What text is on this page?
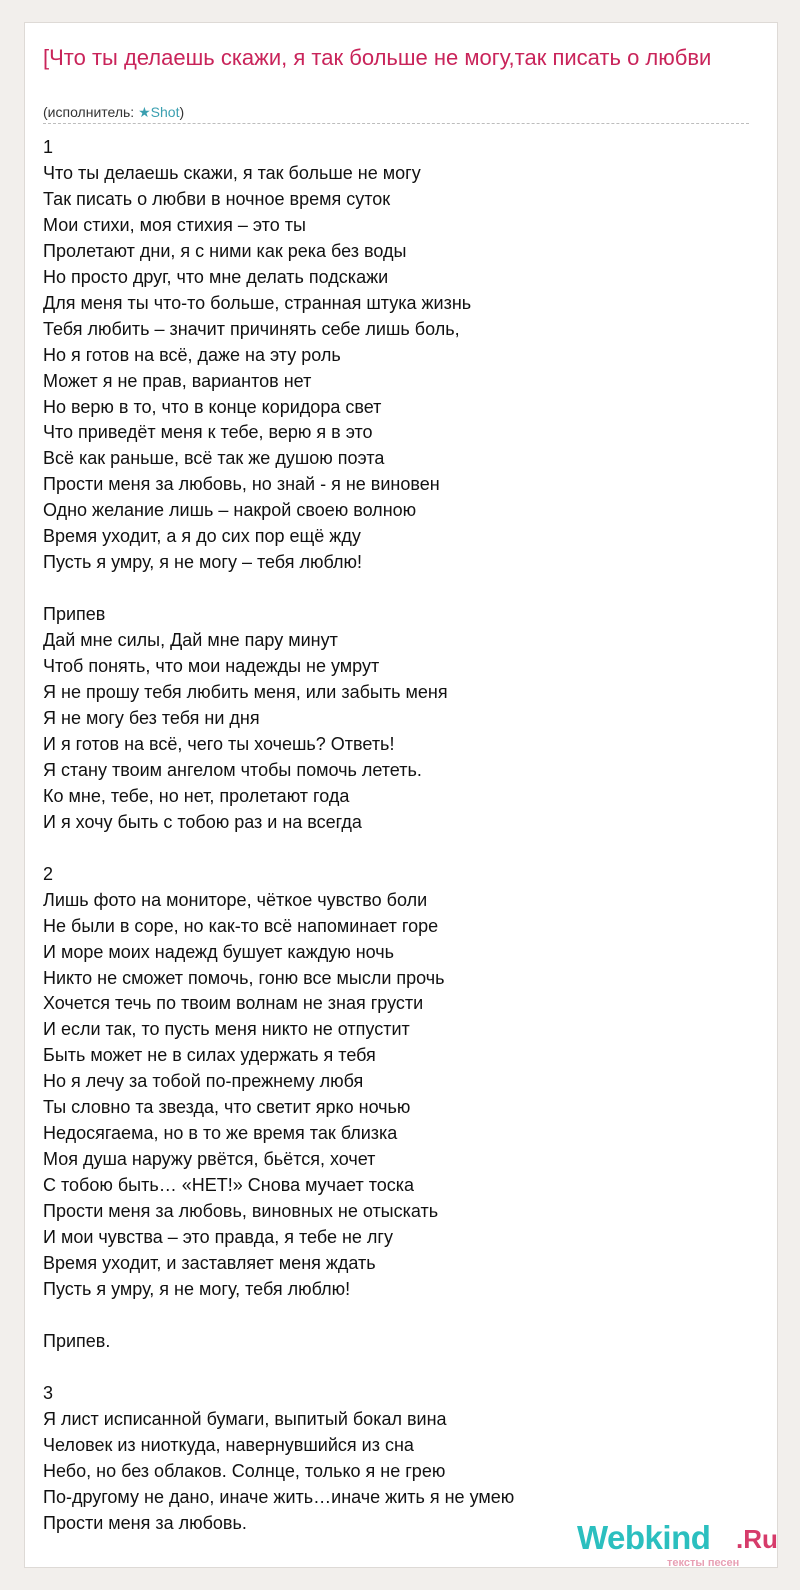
[Что ты делаешь скажи, я так больше не могу,так писать о любви
(исполнитель: ★Shot)
1
Что ты делаешь скажи, я так больше не могу
Так писать о любви в ночное время суток
Мои стихи, моя стихия – это ты
Пролетают дни, я с ними как река без воды
Но просто друг, что мне делать подскажи
Для меня ты что-то больше, странная штука жизнь
Тебя любить – значит причинять себе лишь боль,
Но я готов на всё, даже на эту роль
Может я не прав, вариантов нет
Но верю в то, что в конце коридора свет
Что приведёт меня к тебе, верю я в это
Всё как раньше, всё так же душою поэта
Прости меня за любовь, но знай - я не виновен
Одно желание лишь – накрой своею волною
Время уходит, а я до сих пор ещё жду
Пусть я умру, я не могу – тебя люблю!
Припев
Дай мне силы, Дай мне пару минут
Чтоб понять, что мои надежды не умрут
Я не прошу тебя любить меня, или забыть меня
Я не могу без тебя ни дня
И я готов на всё, чего ты хочешь? Ответь!
Я стану твоим ангелом чтобы помочь лететь.
Ко мне, тебе, но нет, пролетают года
И я хочу быть с тобою раз и на всегда
2
Лишь фото на мониторе, чёткое чувство боли
Не были в соре, но как-то всё напоминает горе
И море моих надежд бушует каждую ночь
Никто не сможет помочь, гоню все мысли прочь
Хочется течь по твоим волнам не зная грусти
И если так, то пусть меня никто не отпустит
Быть может не в силах удержать я тебя
Но я лечу за тобой по-прежнему любя
Ты словно та звезда, что светит ярко ночью
Недосягаема, но в то же время так близка
Моя душа наружу рвётся, бьётся, хочет
С тобою быть… «НЕТ!» Снова мучает тоска
Прости меня за любовь, виновных не отыскать
И мои чувства – это правда, я тебе не лгу
Время уходит, и заставляет меня ждать
Пусть я умру, я не могу, тебя люблю!
Припев.
3
Я лист исписанной бумаги, выпитый бокал вина
Человек из ниоткуда, навернувшийся из сна
Небо, но без облаков. Солнце, только я не грею
По-другому не дано, иначе жить…иначе жить я не умею
Прости меня за любовь.	Webkind .Ru
тексты песен
